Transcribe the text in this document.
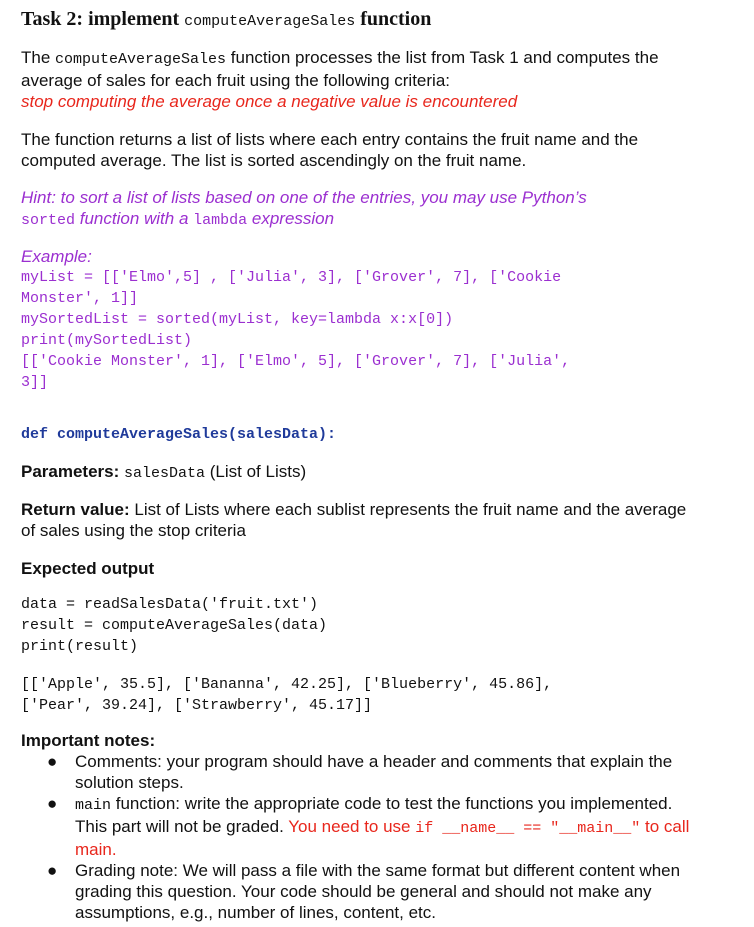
Task 2: implement computeAverageSales function
The computeAverageSales function processes the list from Task 1 and computes the average of sales for each fruit using the following criteria:
stop computing the average once a negative value is encountered
The function returns a list of lists where each entry contains the fruit name and the computed average. The list is sorted ascendingly on the fruit name.
Hint: to sort a list of lists based on one of the entries, you may use Python’s
sorted function with a lambda expression
Example:
myList = [['Elmo',5] , ['Julia', 3], ['Grover', 7], ['Cookie
Monster', 1]]
mySortedList = sorted(myList, key=lambda x:x[0])
print(mySortedList)
[['Cookie Monster', 1], ['Elmo', 5], ['Grover', 7], ['Julia',
3]]
def computeAverageSales(salesData):
Parameters: salesData (List of Lists)
Return value: List of Lists where each sublist represents the fruit name and the average of sales using the stop criteria
Expected output
data = readSalesData('fruit.txt')
result = computeAverageSales(data)
print(result)
[['Apple', 35.5], ['Bananna', 42.25], ['Blueberry', 45.86],
['Pear', 39.24], ['Strawberry', 45.17]]
Important notes:
● Comments: your program should have a header and comments that explain the solution steps.
● main function: write the appropriate code to test the functions you implemented. This part will not be graded. You need to use if __name__ == "__main__" to call main.
● Grading note: We will pass a file with the same format but different content when grading this question. Your code should be general and should not make any assumptions, e.g., number of lines, content, etc.
